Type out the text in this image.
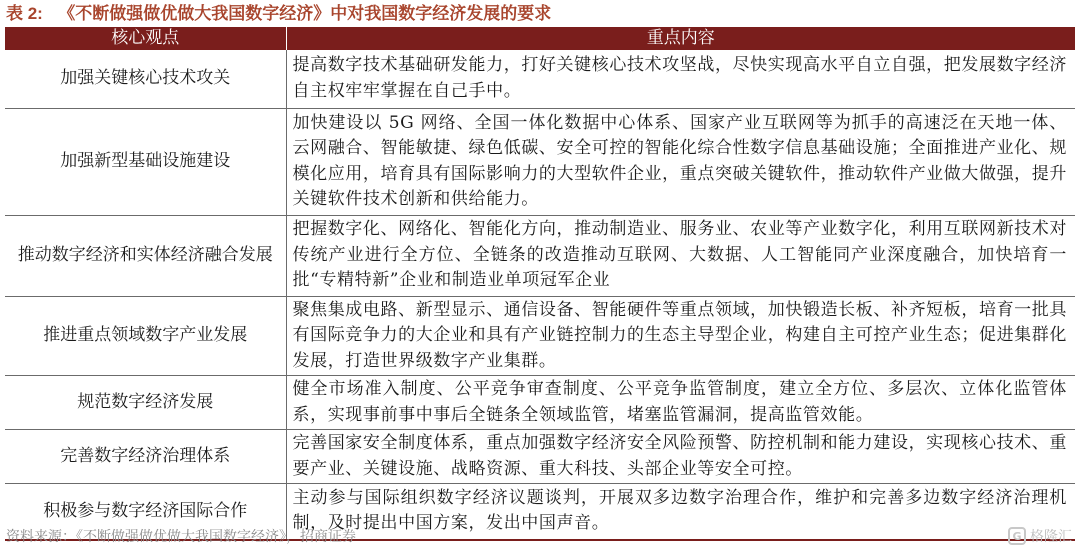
表 2: 《不断做强做优做大我国数字经济》中对我国数字经济发展的要求
核心观点	重点内容
加强关键核心技术攻关	提高数字技术基础研发能力，打好关键核心技术攻坚战，尽快实现高水平自立自强，把发展数字经济自主权牢牢掌握在自己手中。
加强新型基础设施建设	加快建设以 5G 网络、全国一体化数据中心体系、国家产业互联网等为抓手的高速泛在天地一体、云网融合、智能敏捷、绿色低碳、安全可控的智能化综合性数字信息基础设施；全面推进产业化、规模化应用，培育具有国际影响力的大型软件企业，重点突破关键软件，推动软件产业做大做强，提升关键软件技术创新和供给能力。
推动数字经济和实体经济融合发展	把握数字化、网络化、智能化方向，推动制造业、服务业、农业等产业数字化，利用互联网新技术对传统产业进行全方位、全链条的改造推动互联网、大数据、人工智能同产业深度融合，加快培育一批“专精特新”企业和制造业单项冠军企业
推进重点领域数字产业发展	聚焦集成电路、新型显示、通信设备、智能硬件等重点领域，加快锻造长板、补齐短板，培育一批具有国际竞争力的大企业和具有产业链控制力的生态主导型企业，构建自主可控产业生态；促进集群化发展，打造世界级数字产业集群。
规范数字经济发展	健全市场准入制度、公平竞争审查制度、公平竞争监管制度，建立全方位、多层次、立体化监管体系，实现事前事中事后全链条全领域监管，堵塞监管漏洞，提高监管效能。
完善数字经济治理体系	完善国家安全制度体系，重点加强数字经济安全风险预警、防控机制和能力建设，实现核心技术、重要产业、关键设施、战略资源、重大科技、头部企业等安全可控。
积极参与数字经济国际合作	主动参与国际组织数字经济议题谈判，开展双多边数字治理合作，维护和完善多边数字经济治理机制，及时提出中国方案，发出中国声音。
资料来源：《不断做强做优做大我国数字经济》，招商证券	G 格隆汇
